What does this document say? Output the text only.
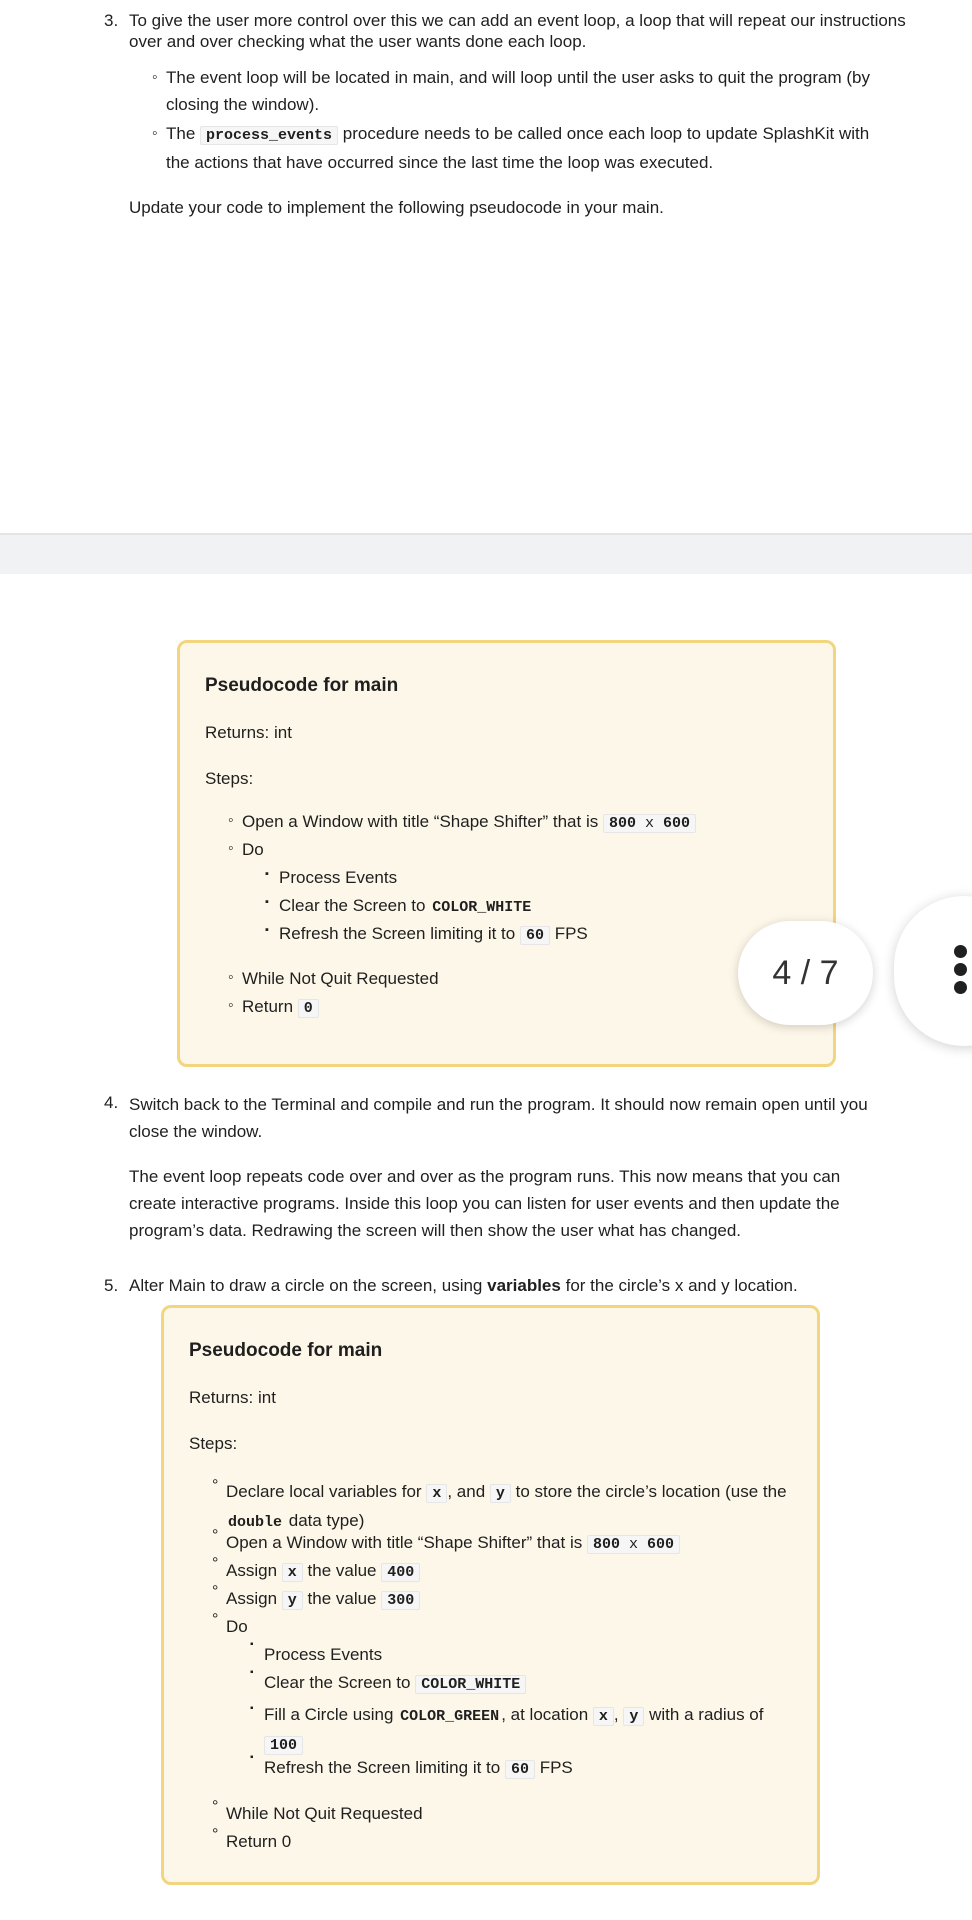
3. To give the user more control over this we can add an event loop, a loop that will repeat our instructions over and over checking what the user wants done each loop.
◦ The event loop will be located in main, and will loop until the user asks to quit the program (by closing the window).
◦ The process_events procedure needs to be called once each loop to update SplashKit with the actions that have occurred since the last time the loop was executed.
Update your code to implement the following pseudocode in your main.
Pseudocode for main
Returns: int
Steps:
◦ Open a Window with title “Shape Shifter” that is 800 x 600
◦ Do
▪ Process Events
▪ Clear the Screen to COLOR_WHITE
▪ Refresh the Screen limiting it to 60 FPS
◦ While Not Quit Requested
◦ Return 0
4 / 7
4. Switch back to the Terminal and compile and run the program. It should now remain open until you close the window.
The event loop repeats code over and over as the program runs. This now means that you can create interactive programs. Inside this loop you can listen for user events and then update the program’s data. Redrawing the screen will then show the user what has changed.
5. Alter Main to draw a circle on the screen, using variables for the circle’s x and y location.
Pseudocode for main
Returns: int
Steps:
° Declare local variables for x , and y to store the circle’s location (use the double data type)
° Open a Window with title “Shape Shifter” that is 800 x 600
° Assign x the value 400
° Assign y the value 300
° Do
▪ Process Events
▪ Clear the Screen to COLOR_WHITE
▪ Fill a Circle using COLOR_GREEN , at location x , y with a radius of 100
▪ Refresh the Screen limiting it to 60 FPS
° While Not Quit Requested
° Return 0
